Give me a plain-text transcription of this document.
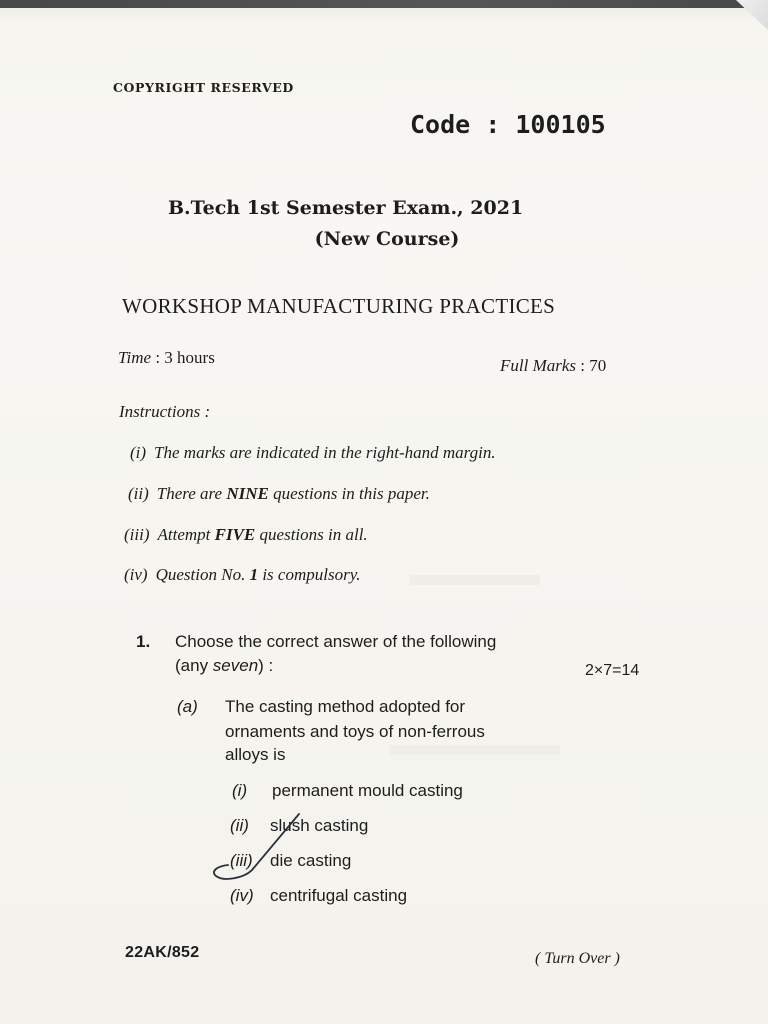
COPYRIGHT RESERVED
Code : 100105
B.Tech 1st Semester Exam., 2021
(New Course)
WORKSHOP MANUFACTURING PRACTICES
Time : 3 hours	Full Marks : 70
Instructions :
(i) The marks are indicated in the right-hand margin.
(ii) There are NINE questions in this paper.
(iii) Attempt FIVE questions in all.
(iv) Question No. 1 is compulsory.
1. Choose the correct answer of the following
(any seven) :	2×7=14
(a) The casting method adopted for
ornaments and toys of non-ferrous
alloys is
(i) permanent mould casting
(ii) slush casting
(iii) die casting
(iv) centrifugal casting
22AK/852	( Turn Over )
